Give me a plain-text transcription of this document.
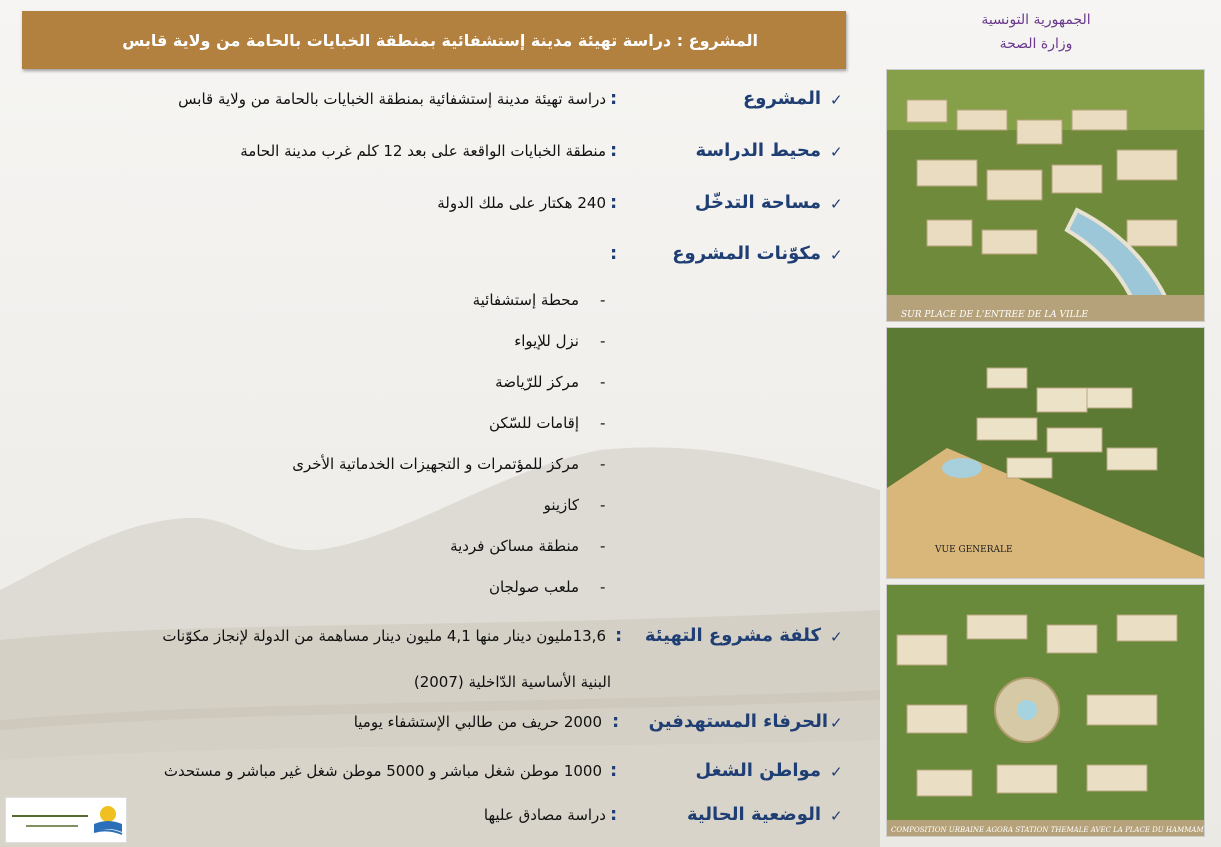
الجمهورية التونسية
وزارة الصحة
المشروع : دراسة تهيئة مدينة إستشفائية بمنطقة الخبايات بالحامة من ولاية قابس
✓
المشروع
:
دراسة تهيئة مدينة إستشفائية بمنطقة الخبايات بالحامة من ولاية قابس
✓
محيط الدراسة
:
منطقة الخبايات الواقعة على بعد 12 كلم غرب مدينة الحامة
✓
مساحة التدخّل
:
240 هكتار على ملك الدولة
✓
مكوّنات المشروع
:
-
محطة إستشفائية
-
نزل للإيواء
-
مركز للرّياضة
-
إقامات للسّكن
-
مركز للمؤتمرات و التجهيزات الخدماتية الأخرى
-
كازينو
-
منطقة مساكن فردية
-
ملعب صولجان
✓
كلفة مشروع التهيئة
:
13,6مليون دينار منها 4,1 مليون دينار مساهمة من الدولة لإنجاز مكوّنات
البنية الأساسية الدّاخلية (2007)
✓
الحرفاء المستهدفين
:
2000 حريف من طالبي الإستشفاء يوميا
✓
مواطن الشغل
:
1000 موطن شغل مباشر و 5000 موطن شغل غير مباشر و مستحدث
✓
الوضعية الحالية
:
دراسة مصادق عليها
SUR PLACE DE L'ENTREE DE LA VILLE
VUE GENERALE
COMPOSITION URBAINE AGORA STATION THEMALE AVEC LA PLACE DU HAMMAM
